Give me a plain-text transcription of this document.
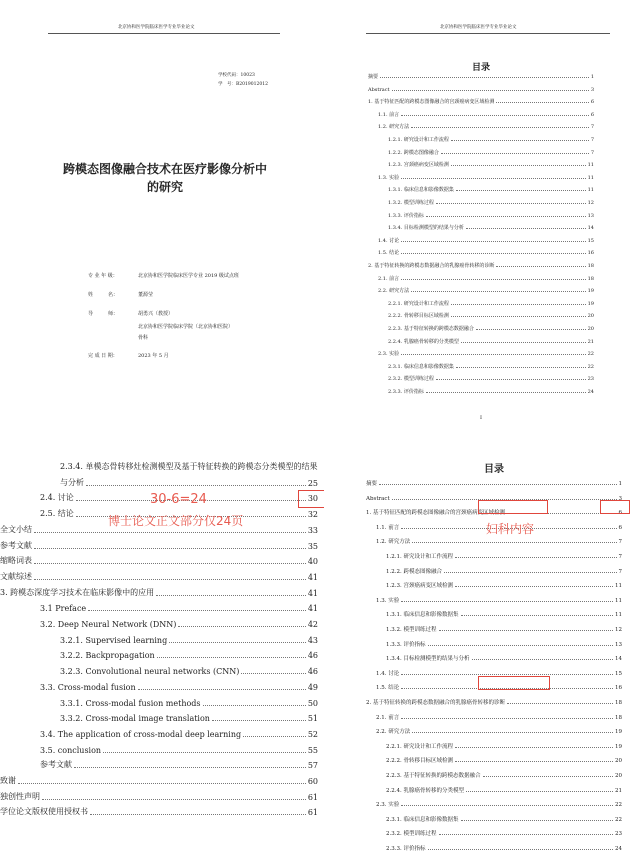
北京协和医学院临床医学专业毕业论文
学校代码：10023
学　号：B2019012012
跨模态图像融合技术在医疗影像分析中
的研究
专 业 年 级：	北京协和医学院临床医学专业 2019 级试点班
姓　　　名：	董源莹
导　　　师：	胡勇兴（教授）
北京协和医学院临床学院（北京协和医院）
骨科
完 成 日 期：	2023 年 5 月
北京协和医学院临床医学专业毕业论文
目录
摘要	1
Abstract	3
1. 基于特征匹配的跨模态图像融合的宫颈癌病变区域检测	6
1.1. 前言	6
1.2. 研究方法	7
1.2.1. 研究设计和工作流程	7
1.2.2. 跨模态图像融合	7
1.2.3. 宫颈癌病变区域检测	11
1.3. 实验	11
1.3.1. 临床信息和影像数据集	11
1.3.2. 模型训练过程	12
1.3.3. 评价指标	13
1.3.4. 目标检测模型的结果与分析	14
1.4. 讨论	15
1.5. 结论	16
2. 基于特征转换的跨模态数据融合的乳腺癌骨转移的诊断	18
2.1. 前言	18
2.2. 研究方法	19
2.2.1. 研究设计和工作流程	19
2.2.2. 骨转移目标区域检测	20
2.2.3. 基于特征转换的跨模态数据融合	20
2.2.4. 乳腺癌骨转移的分类模型	21
2.3. 实验	22
2.3.1. 临床信息和影像数据集	22
2.3.2. 模型训练过程	23
2.3.3. 评价指标	24
I
2.3.4. 单模态骨转移灶检测模型及基于特征转换的跨模态分类模型的结果
与分析	25
2.4. 讨论	30
2.5. 结论	32
全文小结	33
参考文献	35
缩略词表	40
文献综述	41
3. 跨模态深度学习技术在临床影像中的应用	41
3.1 Preface	41
3.2. Deep Neural Network (DNN)	42
3.2.1. Supervised learning	43
3.2.2. Backpropagation	46
3.2.3. Convolutional neural networks (CNN)	46
3.3. Cross-modal fusion	49
3.3.1. Cross-modal fusion methods	50
3.3.2. Cross-modal image translation	51
3.4. The application of cross-modal deep learning	52
3.5. conclusion	55
参考文献	57
致谢	60
独创性声明	61
学位论文版权使用授权书	61
30-6=24
博士论文正文部分仅24页
目录
摘要	1
Abstract	3
1. 基于特征匹配的跨模态图像融合的宫颈癌病变区域检测	6
1.1. 前言	6
1.2. 研究方法	7
1.2.1. 研究设计和工作流程	7
1.2.2. 跨模态图像融合	7
1.2.3. 宫颈癌病变区域检测	11
1.3. 实验	11
1.3.1. 临床信息和影像数据集	11
1.3.2. 模型训练过程	12
1.3.3. 评价指标	13
1.3.4. 目标检测模型的结果与分析	14
1.4. 讨论	15
1.5. 结论	16
2. 基于特征转换的跨模态数据融合的乳腺癌骨转移的诊断	18
2.1. 前言	18
2.2. 研究方法	19
2.2.1. 研究设计和工作流程	19
2.2.2. 骨转移目标区域检测	20
2.2.3. 基于特征转换的跨模态数据融合	20
2.2.4. 乳腺癌骨转移的分类模型	21
2.3. 实验	22
2.3.1. 临床信息和影像数据集	22
2.3.2. 模型训练过程	23
2.3.3. 评价指标	24
妇科内容
